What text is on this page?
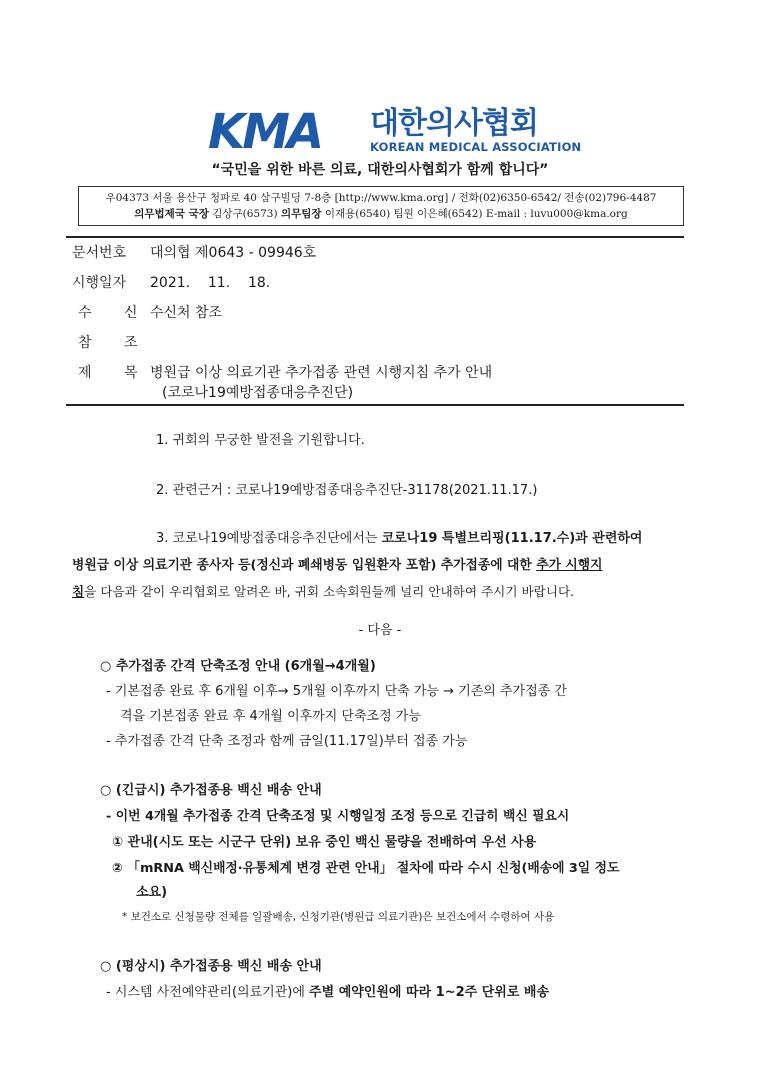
KMA 대한의사협회
KOREAN MEDICAL ASSOCIATION
“국민을 위한 바른 의료, 대한의사협회가 함께 합니다”
우04373 서울 용산구 청파로 40 삼구빌딩 7-8층 [http://www.kma.org] / 전화(02)6350-6542/ 전송(02)796-4487
의무법제국 국장 김상구(6573) 의무팀장 이재용(6540) 팀원 이은혜(6542) E-mail : luvu000@kma.org
문서번호 대의협 제0643 - 09946호
시행일자 2021.    11.    18.
수 신 수신처 참조
참 조
제 목 병원급 이상 의료기관 추가접종 관련 시행지침 추가 안내
(코로나19예방접종대응추진단)
1. 귀회의 무궁한 발전을 기원합니다.
2. 관련근거 : 코로나19예방접종대응추진단-31178(2021.11.17.)
3. 코로나19예방접종대응추진단에서는 코로나19 특별브리핑(11.17.수)과 관련하여
병원급 이상 의료기관 종사자 등(정신과 폐쇄병동 입원환자 포함) 추가접종에 대한 추가 시행지
침을 다음과 같이 우리협회로 알려온 바, 귀회 소속회원들께 널리 안내하여 주시기 바랍니다.
- 다음 -
○ 추가접종 간격 단축조정 안내 (6개월→4개월)
- 기본접종 완료 후 6개월 이후→ 5개월 이후까지 단축 가능 → 기존의 추가접종 간
격을 기본접종 완료 후 4개월 이후까지 단축조정 가능
- 추가접종 간격 단축 조정과 함께 금일(11.17일)부터 접종 가능
○ (긴급시) 추가접종용 백신 배송 안내
- 이번 4개월 추가접종 간격 단축조정 및 시행일정 조정 등으로 긴급히 백신 필요시
① 관내(시도 또는 시군구 단위) 보유 중인 백신 물량을 전배하여 우선 사용
② 「mRNA 백신배정·유통체계 변경 관련 안내」 절차에 따라 수시 신청(배송에 3일 정도
소요)
* 보건소로 신청물량 전체를 일괄배송, 신청기관(병원급 의료기관)은 보건소에서 수령하여 사용
○ (평상시) 추가접종용 백신 배송 안내
- 시스템 사전예약관리(의료기관)에 주별 예약인원에 따라 1~2주 단위로 배송
